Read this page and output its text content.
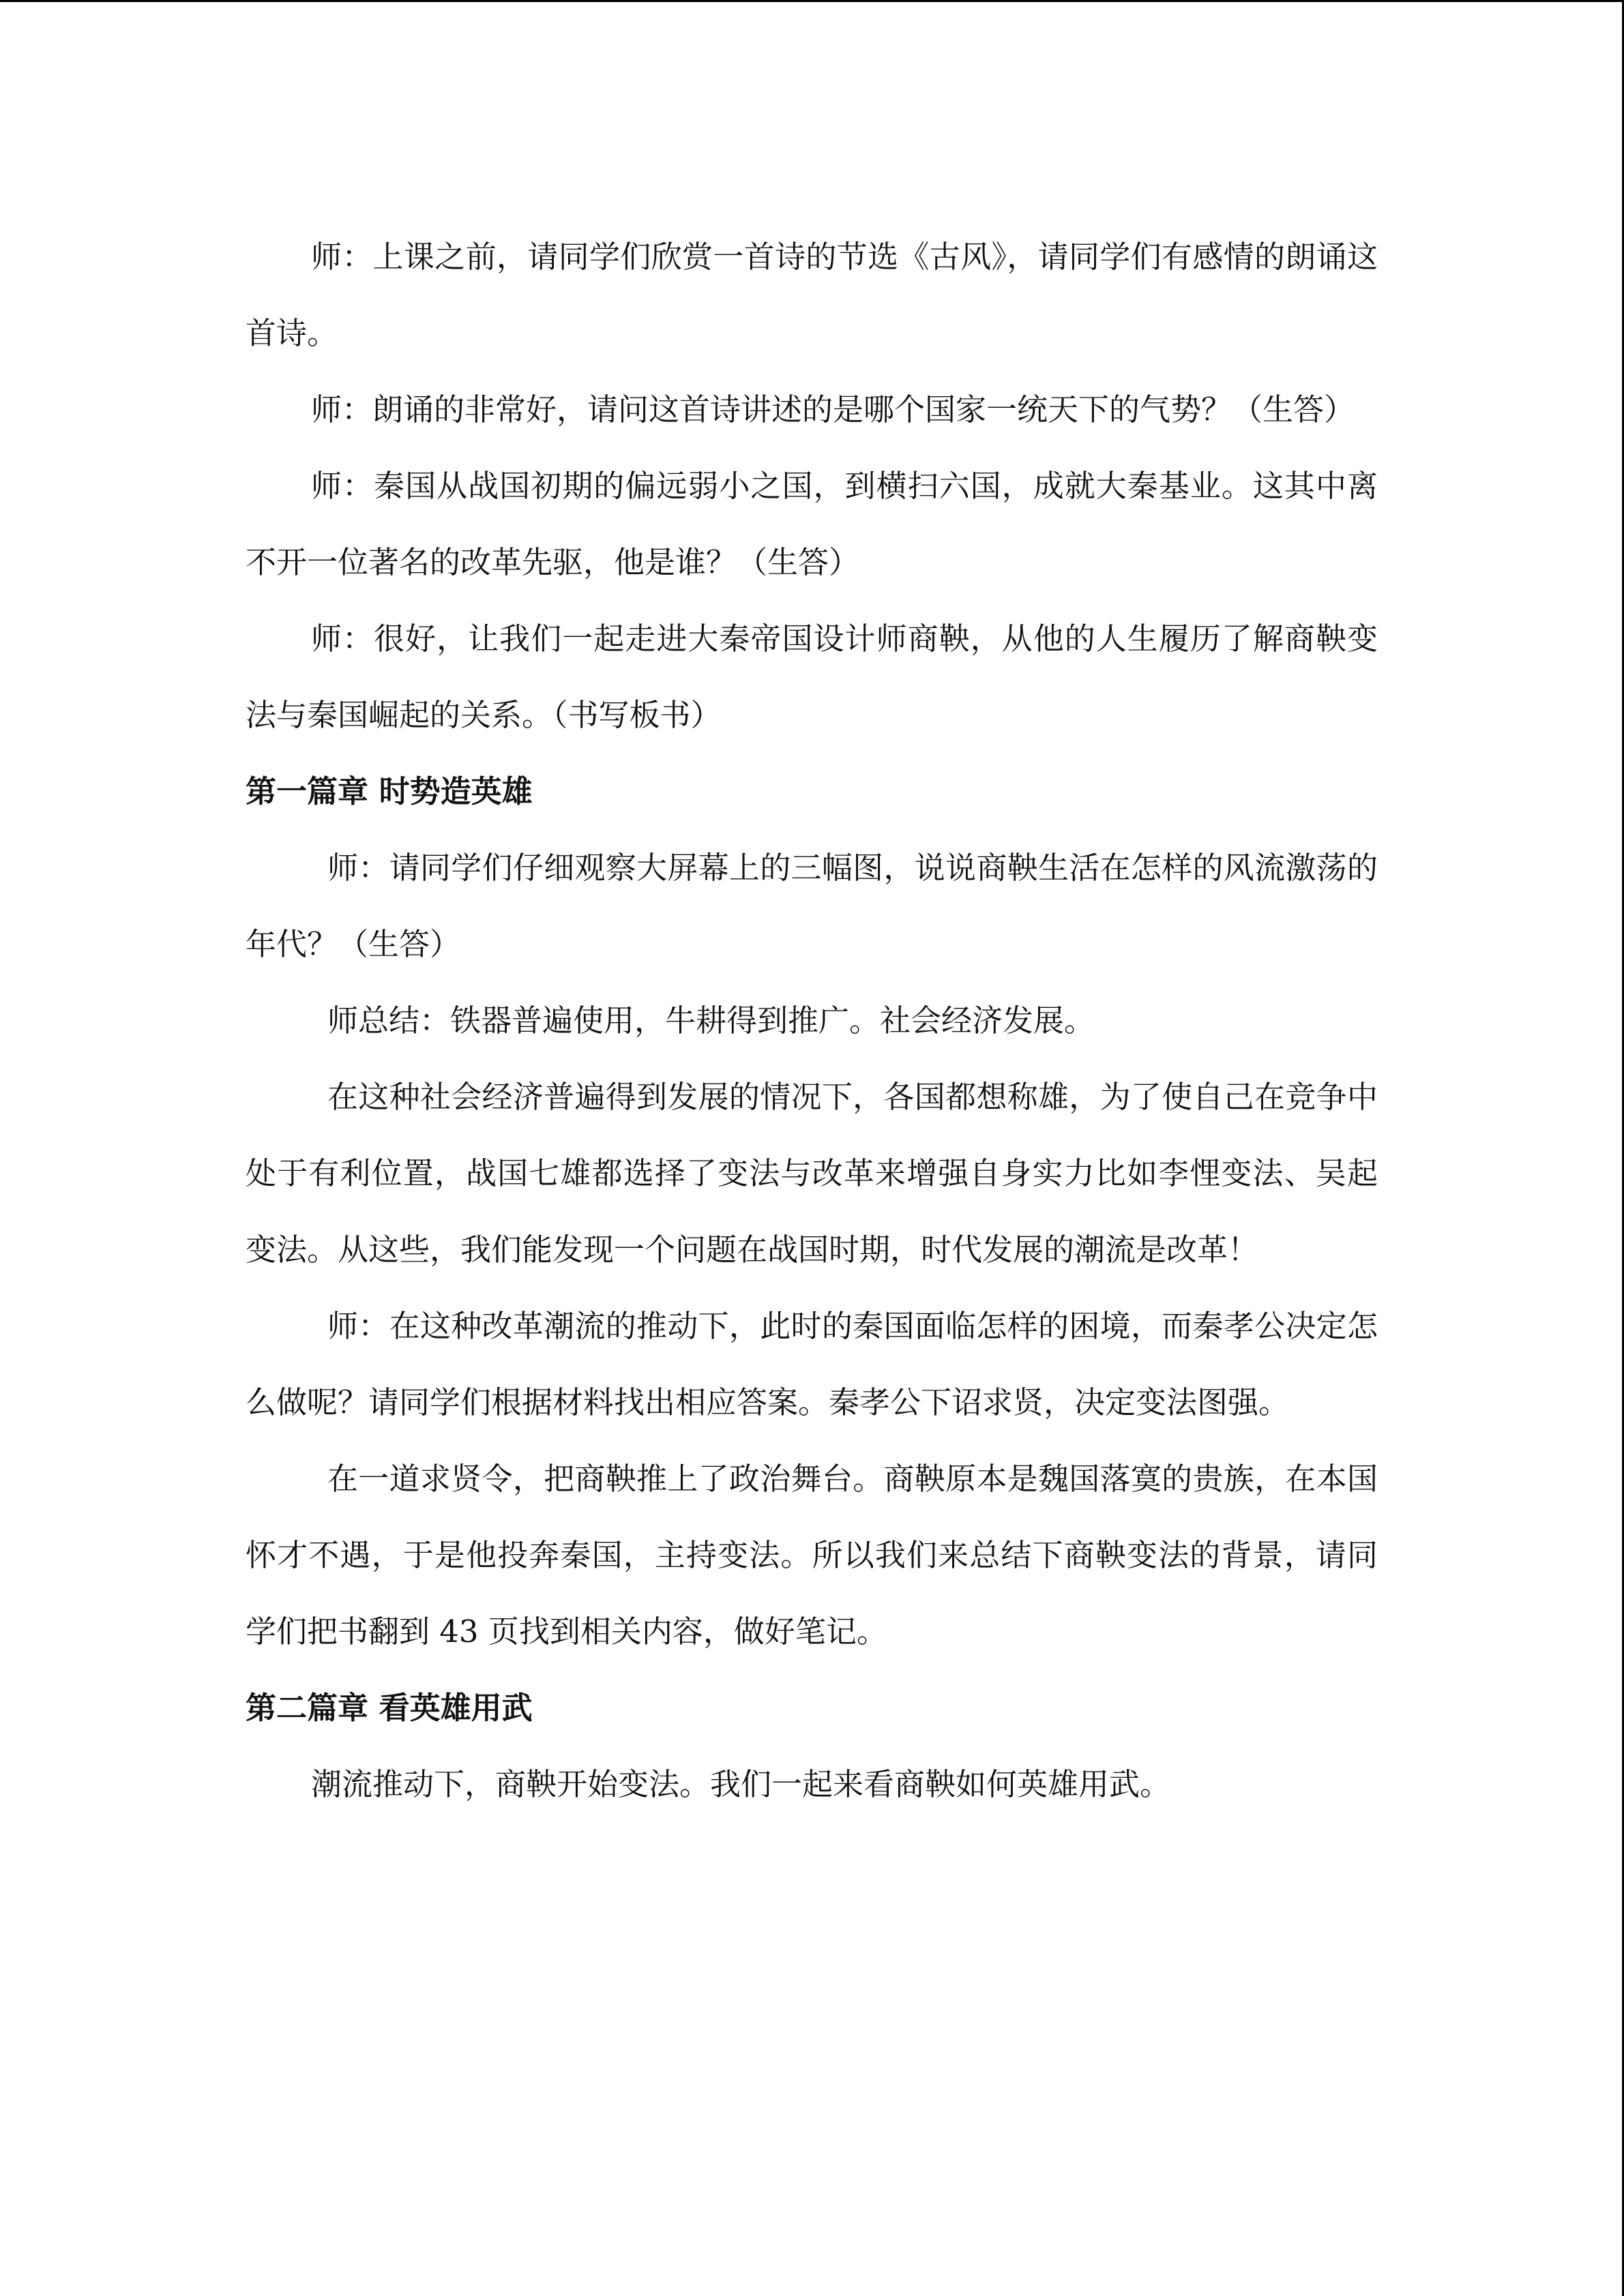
师：上课之前，请同学们欣赏一首诗的节选《古风》，请同学们有感情的朗诵这首诗。

师：朗诵的非常好，请问这首诗讲述的是哪个国家一统天下的气势？（生答）

师：秦国从战国初期的偏远弱小之国，到横扫六国，成就大秦基业。这其中离不开一位著名的改革先驱，他是谁？（生答）

师：很好，让我们一起走进大秦帝国设计师商鞅，从他的人生履历了解商鞅变法与秦国崛起的关系。（书写板书）

第一篇章 时势造英雄

师：请同学们仔细观察大屏幕上的三幅图，说说商鞅生活在怎样的风流激荡的年代？（生答）

师总结：铁器普遍使用，牛耕得到推广。社会经济发展。

在这种社会经济普遍得到发展的情况下，各国都想称雄，为了使自己在竞争中处于有利位置，战国七雄都选择了变法与改革来增强自身实力比如李悝变法、吴起变法。从这些，我们能发现一个问题在战国时期，时代发展的潮流是改革！

师：在这种改革潮流的推动下，此时的秦国面临怎样的困境，而秦孝公决定怎么做呢？请同学们根据材料找出相应答案。秦孝公下诏求贤，决定变法图强。

在一道求贤令，把商鞅推上了政治舞台。商鞅原本是魏国落寞的贵族，在本国怀才不遇，于是他投奔秦国，主持变法。所以我们来总结下商鞅变法的背景，请同学们把书翻到 43 页找到相关内容，做好笔记。

第二篇章 看英雄用武

潮流推动下，商鞅开始变法。我们一起来看商鞅如何英雄用武。
